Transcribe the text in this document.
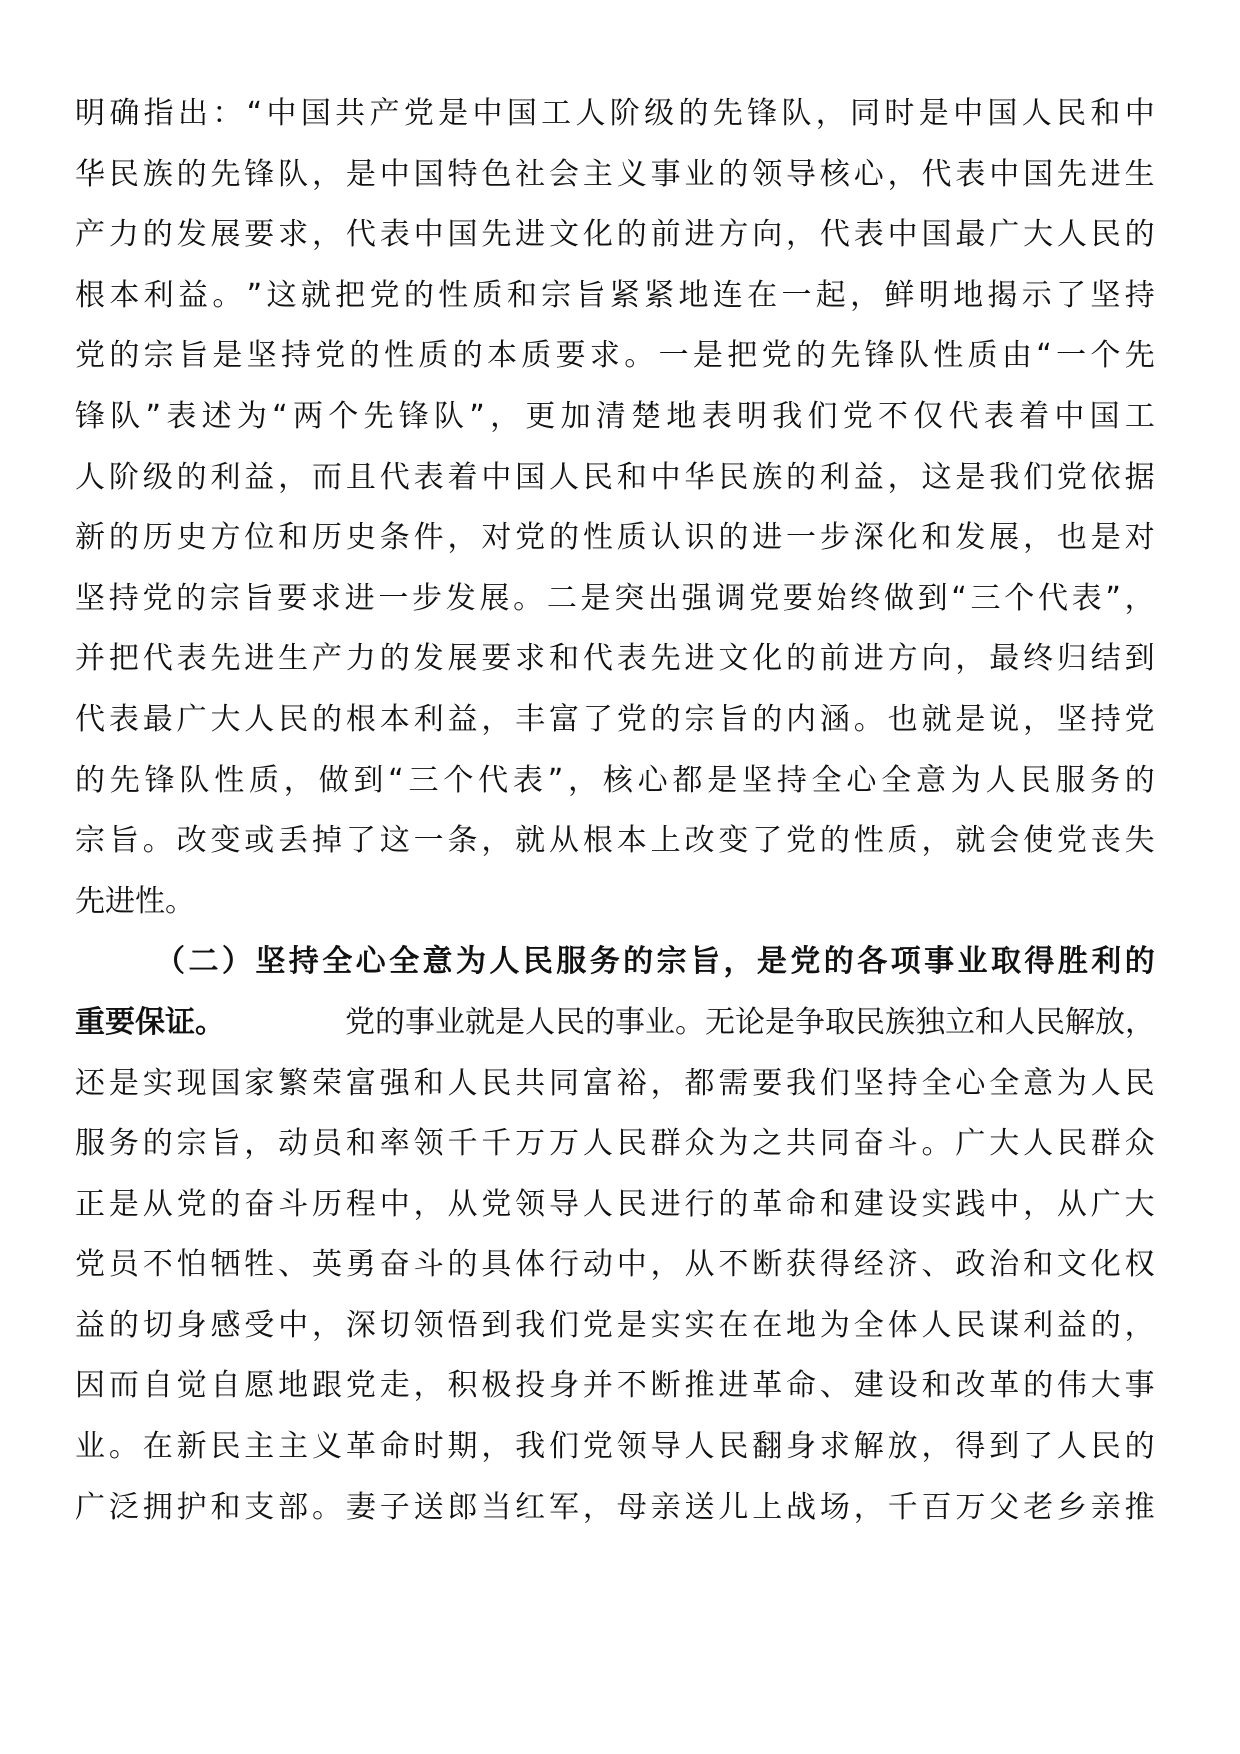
明 确 指 出 ： “ 中 国 共 产 党 是 中 国 工 人 阶 级 的 先 锋 队 ， 同 时 是 中 国 人 民 和 中
华 民 族 的 先 锋 队 ， 是 中 国 特 色 社 会 主 义 事 业 的 领 导 核 心 ， 代 表 中 国 先 进 生
产 力 的 发 展 要 求 ， 代 表 中 国 先 进 文 化 的 前 进 方 向 ， 代 表 中 国 最 广 大 人 民 的
根 本 利 益 。 ” 这 就 把 党 的 性 质 和 宗 旨 紧 紧 地 连 在 一 起 ， 鲜 明 地 揭 示 了 坚 持
党 的 宗 旨 是 坚 持 党 的 性 质 的 本 质 要 求 。 一 是 把 党 的 先 锋 队 性 质 由 “ 一 个 先
锋 队 ” 表 述 为 “ 两 个 先 锋 队 ” ， 更 加 清 楚 地 表 明 我 们 党 不 仅 代 表 着 中 国 工
人 阶 级 的 利 益 ， 而 且 代 表 着 中 国 人 民 和 中 华 民 族 的 利 益 ， 这 是 我 们 党 依 据
新 的 历 史 方 位 和 历 史 条 件 ， 对 党 的 性 质 认 识 的 进 一 步 深 化 和 发 展 ， 也 是 对
坚 持 党 的 宗 旨 要 求 进 一 步 发 展 。 二 是 突 出 强 调 党 要 始 终 做 到 “ 三 个 代 表 ” ，
并 把 代 表 先 进 生 产 力 的 发 展 要 求 和 代 表 先 进 文 化 的 前 进 方 向 ， 最 终 归 结 到
代 表 最 广 大 人 民 的 根 本 利 益 ， 丰 富 了 党 的 宗 旨 的 内 涵 。 也 就 是 说 ， 坚 持 党
的 先 锋 队 性 质 ， 做 到 “ 三 个 代 表 ” ， 核 心 都 是 坚 持 全 心 全 意 为 人 民 服 务 的
宗 旨 。 改 变 或 丢 掉 了 这 一 条 ， 就 从 根 本 上 改 变 了 党 的 性 质 ， 就 会 使 党 丧 失
先 进 性 。
（ 二 ） 坚 持 全 心 全 意 为 人 民 服 务 的 宗 旨 ， 是 党 的 各 项 事 业 取 得 胜 利 的
重要保证。	党的事业就是人民的事业。无论是争取民族独立和人民解放，
还 是 实 现 国 家 繁 荣 富 强 和 人 民 共 同 富 裕 ， 都 需 要 我 们 坚 持 全 心 全 意 为 人 民
服 务 的 宗 旨 ， 动 员 和 率 领 千 千 万 万 人 民 群 众 为 之 共 同 奋 斗 。 广 大 人 民 群 众
正 是 从 党 的 奋 斗 历 程 中 ， 从 党 领 导 人 民 进 行 的 革 命 和 建 设 实 践 中 ， 从 广 大
党 员 不 怕 牺 牲 、 英 勇 奋 斗 的 具 体 行 动 中 ， 从 不 断 获 得 经 济 、 政 治 和 文 化 权
益 的 切 身 感 受 中 ， 深 切 领 悟 到 我 们 党 是 实 实 在 在 地 为 全 体 人 民 谋 利 益 的 ，
因 而 自 觉 自 愿 地 跟 党 走 ， 积 极 投 身 并 不 断 推 进 革 命 、 建 设 和 改 革 的 伟 大 事
业 。 在 新 民 主 主 义 革 命 时 期 ， 我 们 党 领 导 人 民 翻 身 求 解 放 ， 得 到 了 人 民 的
广 泛 拥 护 和 支 部 。 妻 子 送 郎 当 红 军 ， 母 亲 送 儿 上 战 场 ， 千 百 万 父 老 乡 亲 推
